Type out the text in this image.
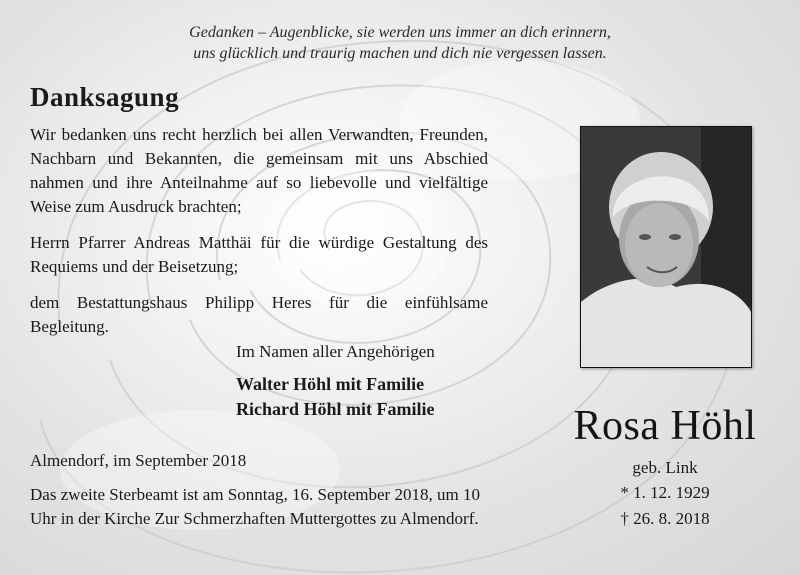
Gedanken – Augenblicke, sie werden uns immer an dich erinnern,
uns glücklich und traurig machen und dich nie vergessen lassen.
Danksagung
Wir bedanken uns recht herzlich bei allen Verwandten, Freunden, Nachbarn und Bekannten, die gemeinsam mit uns Abschied nahmen und ihre Anteilnahme auf so liebevolle und vielfältige Weise zum Ausdruck brachten;
Herrn Pfarrer Andreas Matthäi für die würdige Gestaltung des Requiems und der Beisetzung;
dem Bestattungshaus Philipp Heres für die einfühlsame Begleitung.
Im Namen aller Angehörigen
Walter Höhl mit Familie
Richard Höhl mit Familie
Almendorf, im September 2018
Das zweite Sterbeamt ist am Sonntag, 16. September 2018, um 10 Uhr in der Kirche Zur Schmerzhaften Muttergottes zu Almendorf.
Rosa Höhl
geb. Link
* 1. 12. 1929
† 26. 8. 2018
